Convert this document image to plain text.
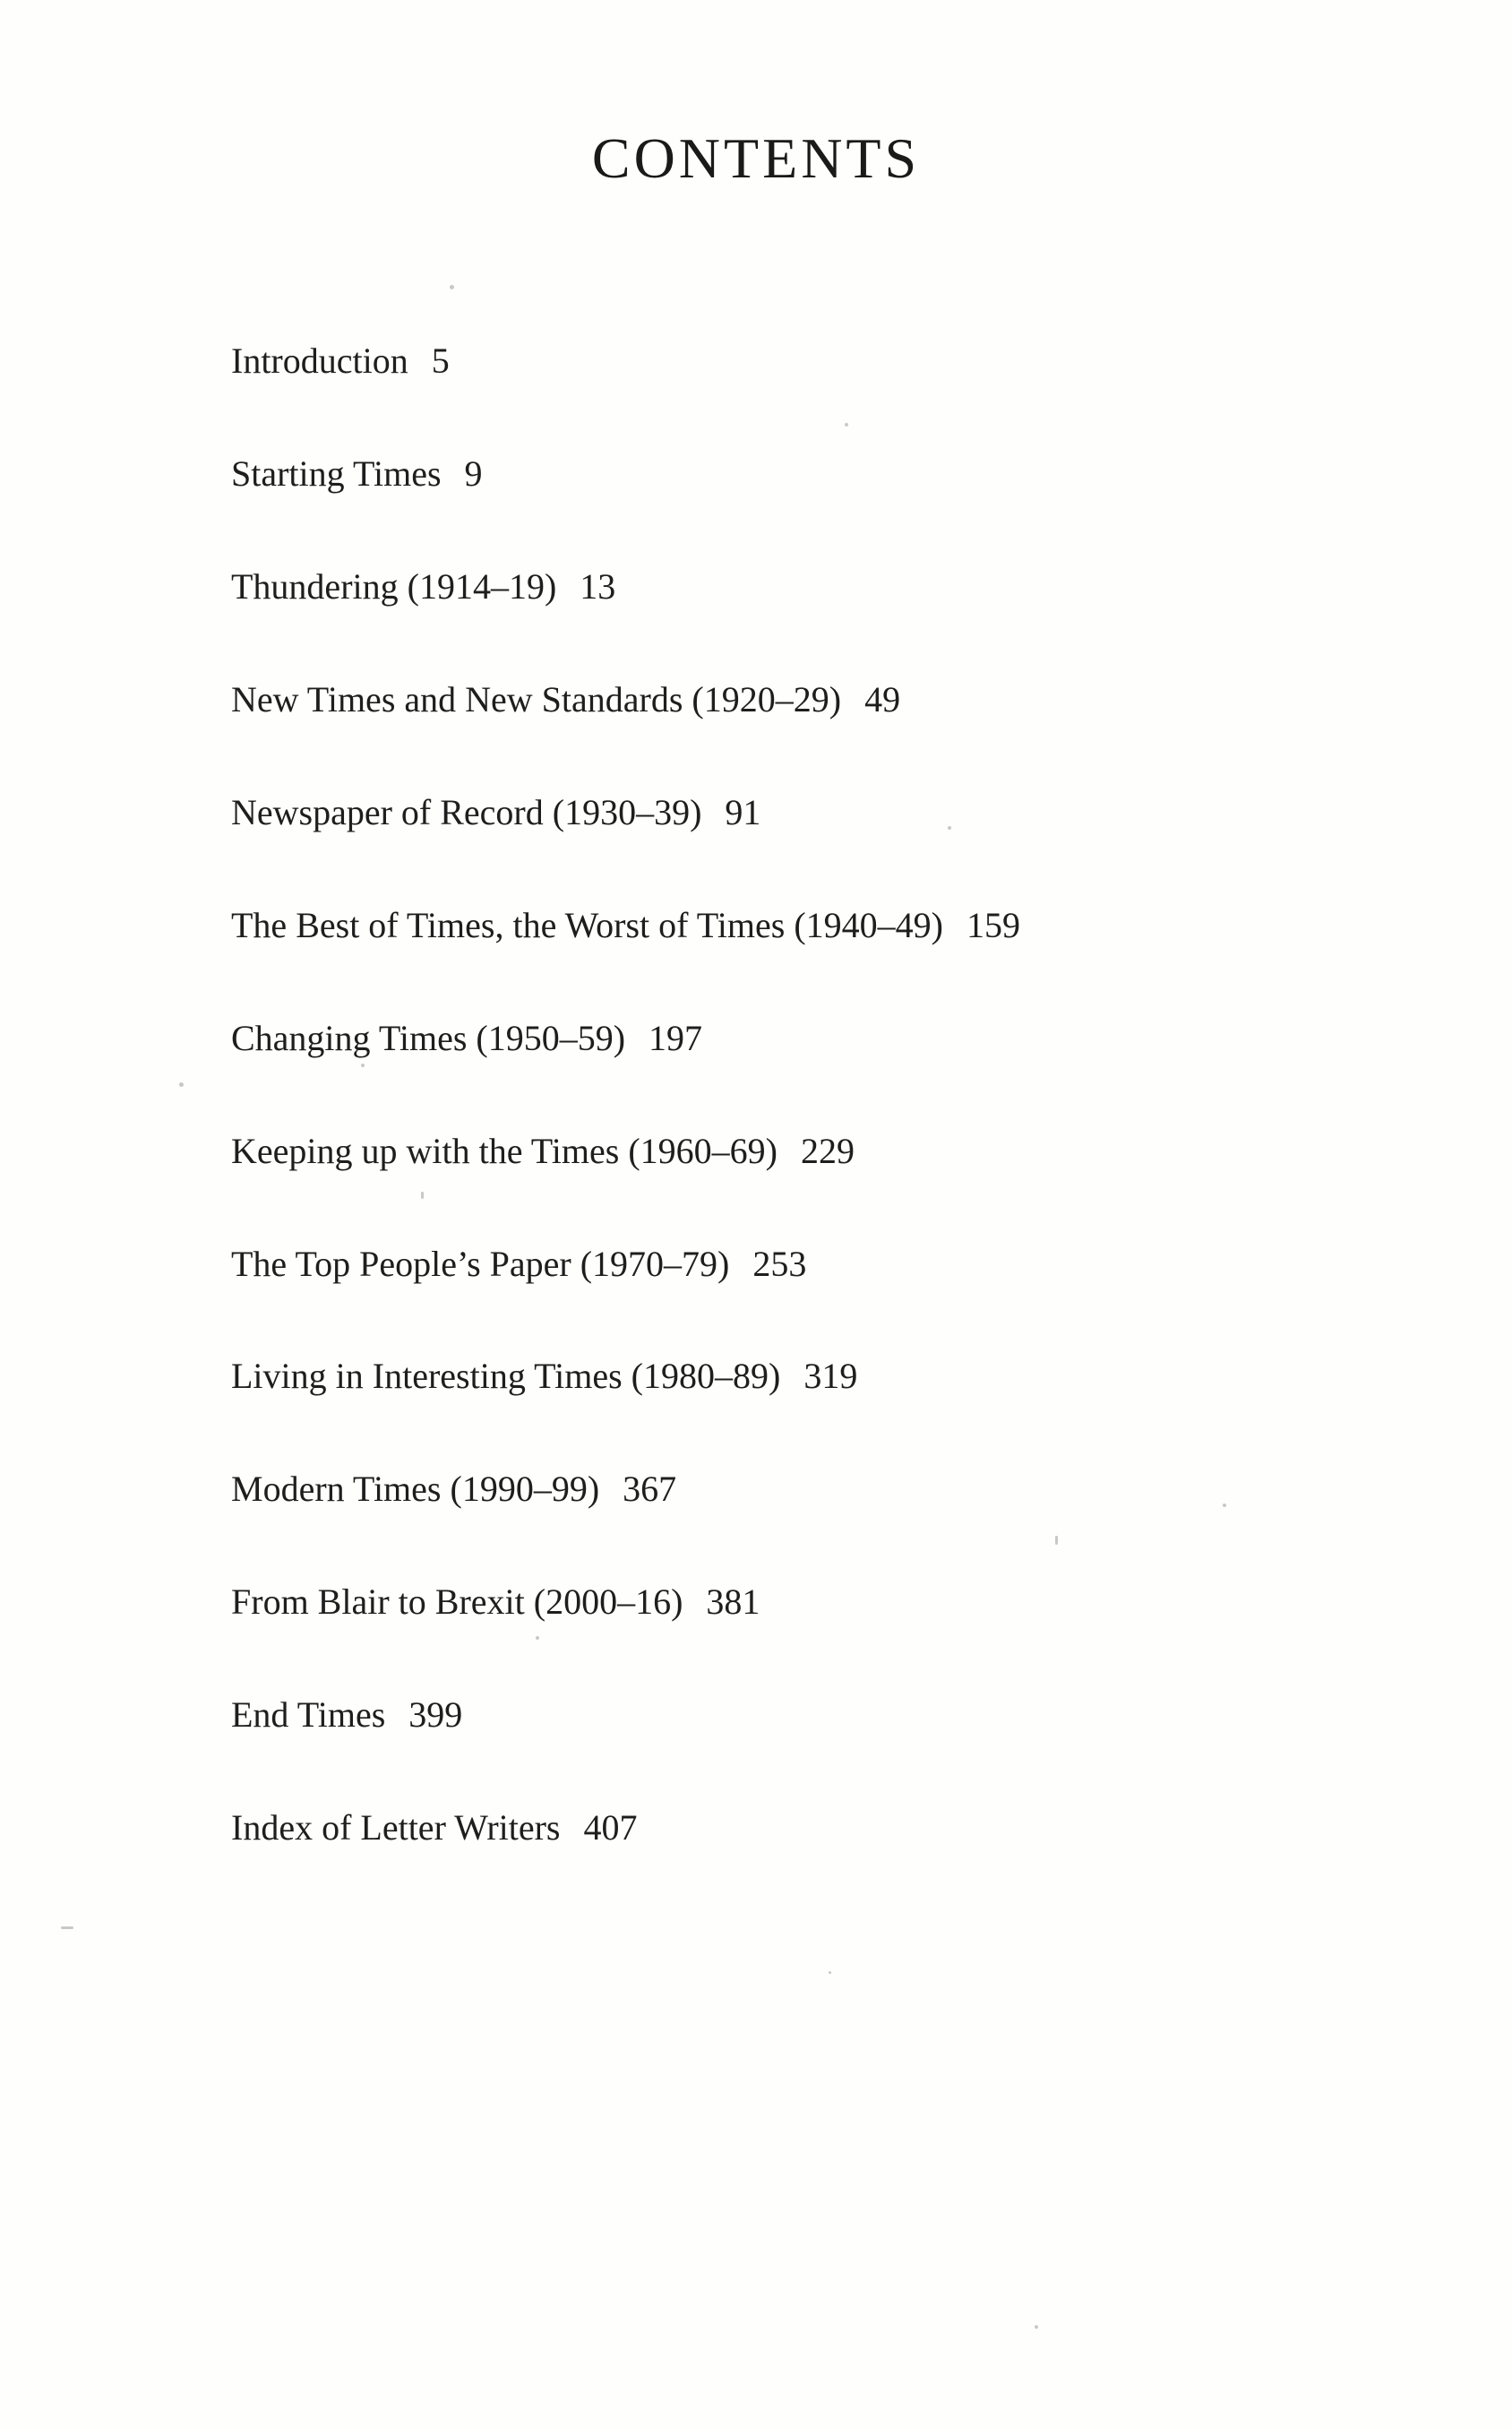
CONTENTS
Introduction 5
Starting Times 9
Thundering (1914–19) 13
New Times and New Standards (1920–29) 49
Newspaper of Record (1930–39) 91
The Best of Times, the Worst of Times (1940–49) 159
Changing Times (1950–59) 197
Keeping up with the Times (1960–69) 229
The Top People’s Paper (1970–79) 253
Living in Interesting Times (1980–89) 319
Modern Times (1990–99) 367
From Blair to Brexit (2000–16) 381
End Times 399
Index of Letter Writers 407
